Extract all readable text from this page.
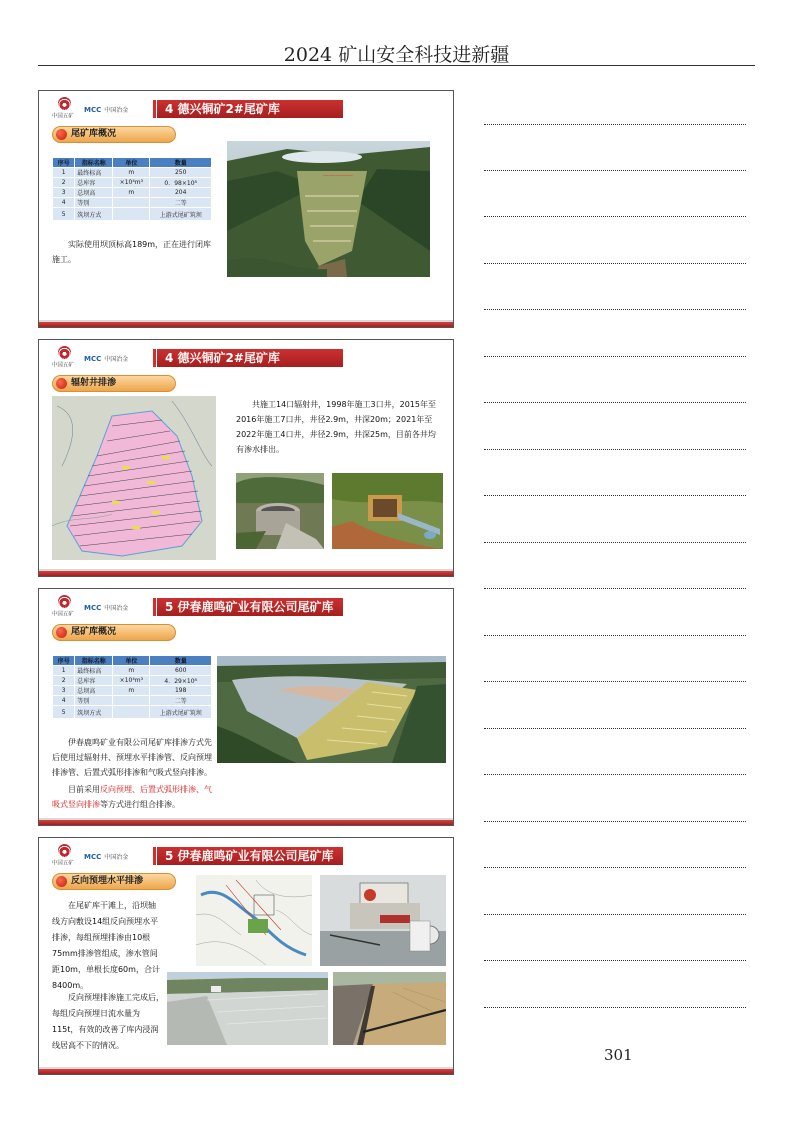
2024 矿山安全科技进新疆
中国五矿
MCC 中国冶金	4 德兴铜矿2#尾矿库
尾矿库概况
序号	指标名称	单位	数量
1	最终标高	m	250
2	总库容	×10⁴m³	0．98×10⁸
3	总坝高	m	204
4	等别		二等
5	筑坝方式		上游式尾矿筑坝
实际使用坝顶标高189m，正在进行闭库施工。
—————
中国五矿
MCC 中国冶金	4 德兴铜矿2#尾矿库
辐射井排渗
共施工14口辐射井，1998年施工3口井，2015年至2016年施工7口井，井径2.9m，井深20m；2021年至2022年施工4口井，井径2.9m，井深25m，目前各井均有渗水排出。
中国五矿
MCC 中国冶金	5 伊春鹿鸣矿业有限公司尾矿库
尾矿库概况
序号	指标名称	单位	数量
1	最终标高	m	600
2	总库容	×10⁴m³	4．29×10⁸
3	总坝高	m	198
4	等别		二等
5	筑坝方式		上游式尾矿筑坝
伊春鹿鸣矿业有限公司尾矿库排渗方式先后使用过辐射井、预埋水平排渗管、反向预埋排渗管、后置式弧形排渗和气吸式竖向排渗。
目前采用反向预埋、后置式弧形排渗、气吸式竖向排渗等方式进行组合排渗。
中国五矿
MCC 中国冶金	5 伊春鹿鸣矿业有限公司尾矿库
反向预埋水平排渗
在尾矿库干滩上，沿坝轴线方向敷设14组反向预埋水平排渗，每组预埋排渗由10根75mm排渗管组成，渗水管间距10m，单根长度60m，合计8400m。
反向预埋排渗施工完成后，每组反向预埋日流水量为115t，有效的改善了库内浸润线居高不下的情况。
301
